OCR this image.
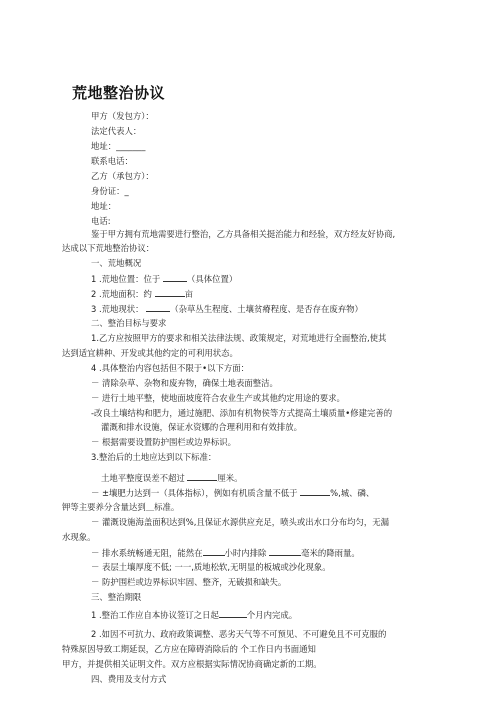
荒地整治协议
甲方（发包方）：
法定代表人：
地址：_______
联系电话：
乙方（承包方）：
身份证：_
地址：
电话:
鉴于甲方拥有荒地需要进行整治，乙方具备相关挺治能力和经验，双方经友好协商,
达成以下荒地整治协议：
一、荒地概况
1 .荒地位置：位于	（具体位置）
2 .荒地面积：约	亩
3 .荒地现状：	（杂草丛生程度、土壤贫瘠程度、是否存在废弃物）
二、整治目标与要求
1.乙方应按照甲方的要求和相关法律法规、政策规定，对荒地进行全面整治,使其
达到适宜耕种、开发或其他约定的可利用状态。
4 .具体整治内容包括但不限于•以下方面：
－ 清除杂草、杂物和废弃物，确保土地表面整洁。
－ 进行土地平整，使地面坡度符合农业生产或其他约定用途的要求。
-改良土壤结构和肥力，通过施肥、添加有机物侯等方式提高土壤质量•修建完善的
灌溉和排水设施，保证水资娜的合理利用和有效排放。
－ 根据需要设置防护围栏或边界标识。
3.整治后的土地应达到以下标准：
土地平整度误差不超过	厘米。
－ ±壤肥力达到一（具体指标），例如有机质含量不低于	%,城、磷、
钾等主要养分含量达到＿标准。
－ 灌溉设施海盖面积达到%,且保证水源供应充足，喷头或出水口分布均匀，无漏
水现象。
－ 排水系统畅通无阻，能然在	小时内排除	毫米的降雨量。
－ 表层土壤厚度不低; 一一,质地松软,无明显的板城或沙化现象。
－ 防护围栏或边界标识牢固、整齐，无破损和缺失。
三、整治期限
1 .整治工作应自本协议签订之日起	个月内完成。
2 .如因不可抗力、政府政策调整、恶劣天气等不可预见、不可避免且不可克服的
特殊原因导致工期延误，乙方应在障碍消除后的 个工作日内书面通知
甲方，并提供相关证明文件。双方应根据实际情况协商确定新的工期。
四、费用及支付方式
